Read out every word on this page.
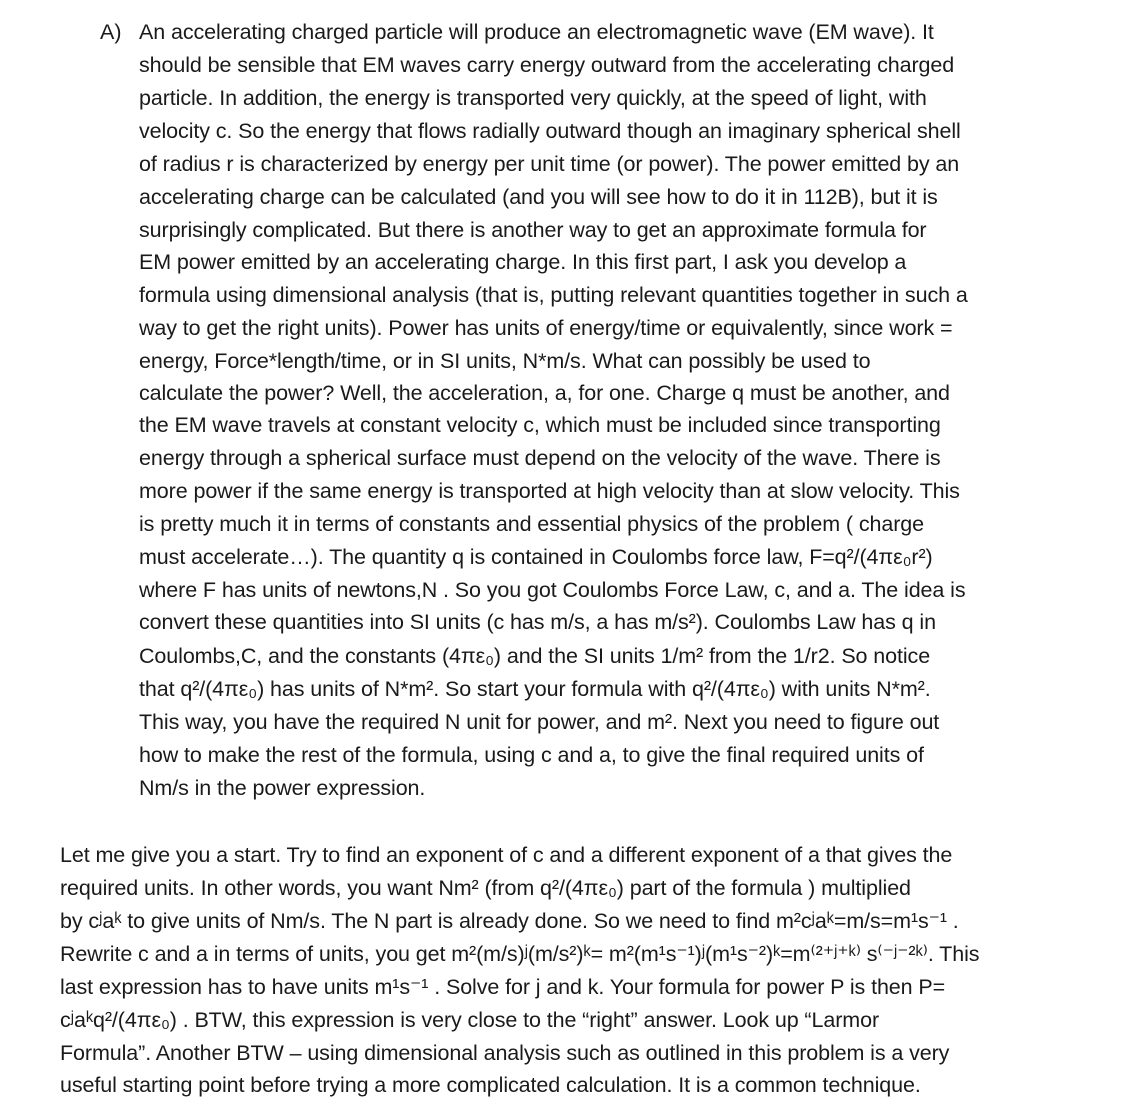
A) An accelerating charged particle will produce an electromagnetic wave (EM wave). It
should be sensible that EM waves carry energy outward from the accelerating charged
particle. In addition, the energy is transported very quickly, at the speed of light, with
velocity c. So the energy that flows radially outward though an imaginary spherical shell
of radius r is characterized by energy per unit time (or power). The power emitted by an
accelerating charge can be calculated (and you will see how to do it in 112B), but it is
surprisingly complicated. But there is another way to get an approximate formula for
EM power emitted by an accelerating charge. In this first part, I ask you develop a
formula using dimensional analysis (that is, putting relevant quantities together in such a
way to get the right units). Power has units of energy/time or equivalently, since work =
energy, Force*length/time, or in SI units, N*m/s. What can possibly be used to
calculate the power? Well, the acceleration, a, for one. Charge q must be another, and
the EM wave travels at constant velocity c, which must be included since transporting
energy through a spherical surface must depend on the velocity of the wave. There is
more power if the same energy is transported at high velocity than at slow velocity. This
is pretty much it in terms of constants and essential physics of the problem ( charge
must accelerate…). The quantity q is contained in Coulombs force law, F=q²/(4πε₀r²)
where F has units of newtons,N . So you got Coulombs Force Law, c, and a. The idea is
convert these quantities into SI units (c has m/s, a has m/s²). Coulombs Law has q in
Coulombs,C, and the constants (4πε₀) and the SI units 1/m² from the 1/r2. So notice
that q²/(4πε₀) has units of N*m². So start your formula with q²/(4πε₀) with units N*m².
This way, you have the required N unit for power, and m². Next you need to figure out
how to make the rest of the formula, using c and a, to give the final required units of
Nm/s in the power expression.
Let me give you a start. Try to find an exponent of c and a different exponent of a that gives the
required units. In other words, you want Nm² (from q²/(4πε₀) part of the formula ) multiplied
by cʲaᵏ to give units of Nm/s. The N part is already done. So we need to find m²cʲaᵏ=m/s=m¹s⁻¹ .
Rewrite c and a in terms of units, you get m²(m/s)ʲ(m/s²)ᵏ= m²(m¹s⁻¹)ʲ(m¹s⁻²)ᵏ=m⁽²⁺ʲ⁺ᵏ⁾ s⁽⁻ʲ⁻²ᵏ⁾. This
last expression has to have units m¹s⁻¹ . Solve for j and k. Your formula for power P is then P=
cʲaᵏq²/(4πε₀) . BTW, this expression is very close to the “right” answer. Look up “Larmor
Formula”. Another BTW – using dimensional analysis such as outlined in this problem is a very
useful starting point before trying a more complicated calculation. It is a common technique.
